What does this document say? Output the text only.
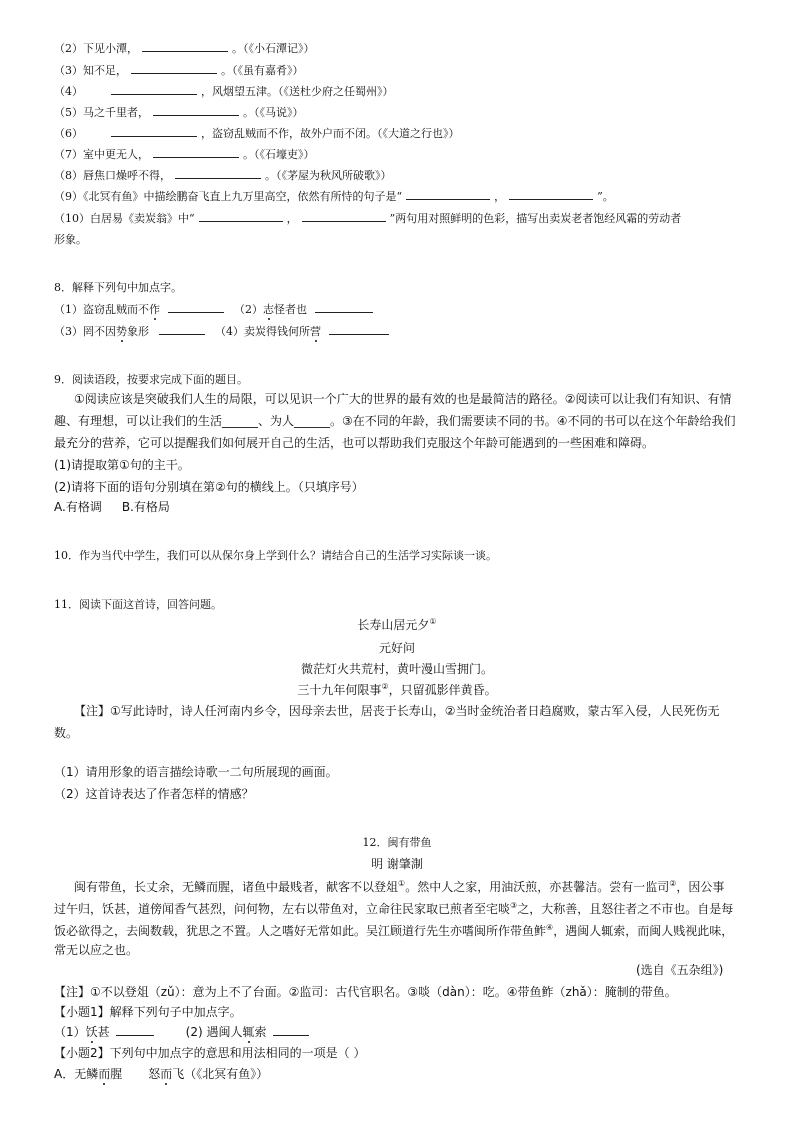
（2）下见小潭，	。（《小石潭记》）
（3）知不足，	。（《虽有嘉肴》）
（4）	，风烟望五津。（《送杜少府之任蜀州》）
（5）马之千里者，	。（《马说》）
（6）	，盗窃乱贼而不作，故外户而不闭。（《大道之行也》）
（7）室中更无人，	。（《石壕吏》）
（8）唇焦口燥呼不得，	。（《茅屋为秋风所破歌》）
（9）《北冥有鱼》中描绘鹏奋飞直上九万里高空，依然有所恃的句子是“	，	”。
（10）白居易《卖炭翁》中“	，	”两句用对照鲜明的色彩，描写出卖炭老者饱经风霜的劳动者
形象。
8．解释下列句中加点字。
（1）盗窃乱贼而不作	（2）志怪者也
（3）罔不因势象形	（4）卖炭得钱何所营
9．阅读语段，按要求完成下面的题目。
①阅读应该是突破我们人生的局限，可以见识一个广大的世界的最有效的也是最简洁的路径。②阅读可以让我们有知识、有情
趣、有理想，可以让我们的生活______、为人______。③在不同的年龄，我们需要读不同的书。④不同的书可以在这个年龄给我们
最充分的营养，它可以提醒我们如何展开自己的生活，也可以帮助我们克服这个年龄可能遇到的一些困难和障碍。
(1)请提取第①句的主干。
(2)请将下面的语句分别填在第②句的横线上。（只填序号）
A.有格调 B.有格局
10．作为当代中学生，我们可以从保尔身上学到什么？请结合自己的生活学习实际谈一谈。
11．阅读下面这首诗，回答问题。
长寿山居元夕①
元好问
微茫灯火共荒村，黄叶漫山雪拥门。
三十九年何限事②，只留孤影伴黄昏。
【注】①写此诗时，诗人任河南内乡令，因母亲去世，居丧于长寿山，②当时金统治者日趋腐败，蒙古军入侵，人民死伤无
数。
（1）请用形象的语言描绘诗歌一二句所展现的画面。
（2）这首诗表达了作者怎样的情感？
12．闽有带鱼
明 谢肇淛
闽有带鱼，长丈余，无鳞而腥，诸鱼中最贱者，献客不以登俎①。然中人之家，用油沃煎，亦甚馨洁。尝有一监司②，因公事
过午归，饫甚，道傍闻香气甚烈，问何物，左右以带鱼对，立命往民家取已煎者至宅啖③之，大称善，且怒往者之不市也。自是每
饭必欲得之，去闽数载，犹思之不置。人之嗜好无常如此。吴江顾道行先生亦嗜闽所作带鱼鲊④，遇闽人辄索，而闽人贱视此味，
常无以应之也。
(选自《五杂组》)
【注】①不以登俎（zǔ）：意为上不了台面。②监司：古代官职名。③啖（dàn）：吃。④带鱼鲊（zhǎ）：腌制的带鱼。
【小题1】解释下列句子中加点字。
（1）饫甚	(2) 遇闽人辄索
【小题2】下列句中加点字的意思和用法相同的一项是（ ）
A．无鳞而腥 怒而飞（《北冥有鱼》）
